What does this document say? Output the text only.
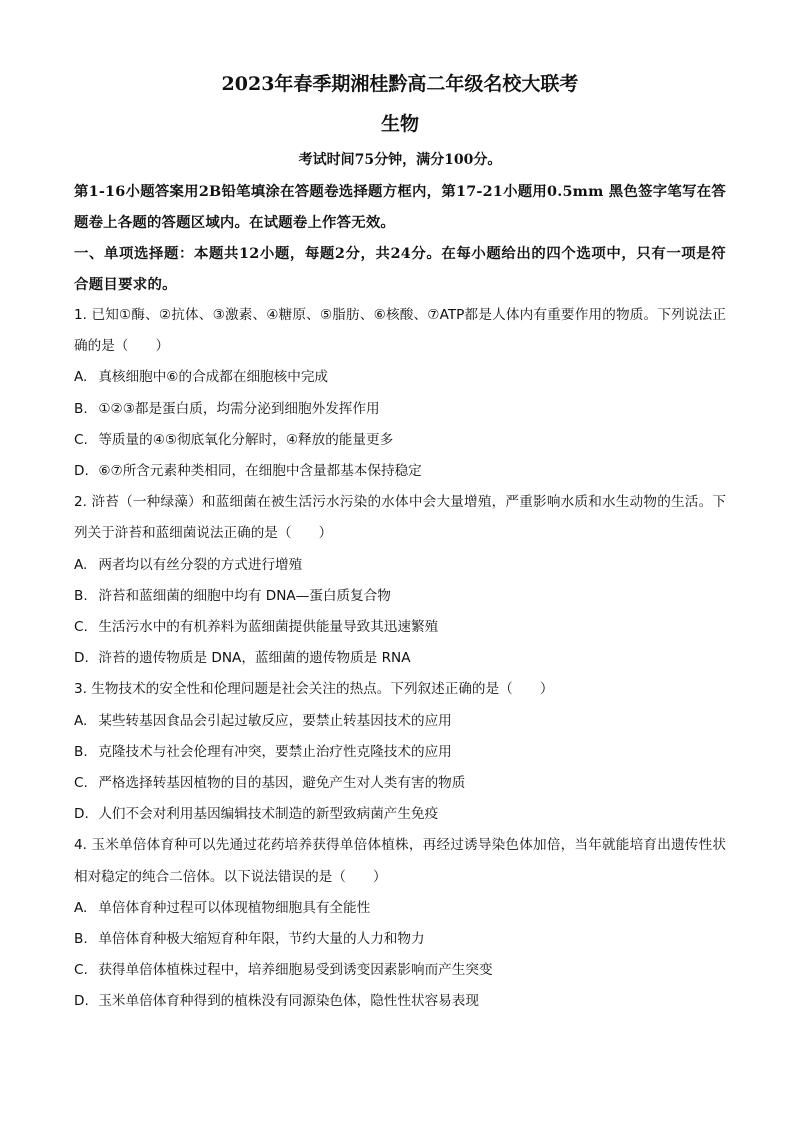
2023年春季期湘桂黔高二年级名校大联考
生物

考试时间75分钟，满分100分。

第1-16小题答案用2B铅笔填涂在答题卷选择题方框内，第17-21小题用0.5mm 黑色签字笔写在答题卷上各题的答题区域内。在试题卷上作答无效。

一、单项选择题：本题共12小题，每题2分，共24分。在每小题给出的四个选项中，只有一项是符合题目要求的。

1. 已知①酶、②抗体、③激素、④糖原、⑤脂肪、⑥核酸、⑦ATP都是人体内有重要作用的物质。下列说法正确的是（　　）

A. 真核细胞中⑥的合成都在细胞核中完成

B. ①②③都是蛋白质，均需分泌到细胞外发挥作用

C. 等质量的④⑤彻底氧化分解时，④释放的能量更多

D. ⑥⑦所含元素种类相同，在细胞中含量都基本保持稳定

2. 浒苔（一种绿藻）和蓝细菌在被生活污水污染的水体中会大量增殖，严重影响水质和水生动物的生活。下列关于浒苔和蓝细菌说法正确的是（　　）

A. 两者均以有丝分裂的方式进行增殖

B. 浒苔和蓝细菌的细胞中均有 DNA—蛋白质复合物

C. 生活污水中的有机养料为蓝细菌提供能量导致其迅速繁殖

D. 浒苔的遗传物质是 DNA，蓝细菌的遗传物质是 RNA

3. 生物技术的安全性和伦理问题是社会关注的热点。下列叙述正确的是（　　）

A. 某些转基因食品会引起过敏反应，要禁止转基因技术的应用

B. 克隆技术与社会伦理有冲突，要禁止治疗性克隆技术的应用

C. 严格选择转基因植物的目的基因，避免产生对人类有害的物质

D. 人们不会对利用基因编辑技术制造的新型致病菌产生免疫

4. 玉米单倍体育种可以先通过花药培养获得单倍体植株，再经过诱导染色体加倍，当年就能培育出遗传性状相对稳定的纯合二倍体。以下说法错误的是（　　）

A. 单倍体育种过程可以体现植物细胞具有全能性

B. 单倍体育种极大缩短育种年限，节约大量的人力和物力

C. 获得单倍体植株过程中，培养细胞易受到诱变因素影响而产生突变

D. 玉米单倍体育种得到的植株没有同源染色体，隐性性状容易表现
